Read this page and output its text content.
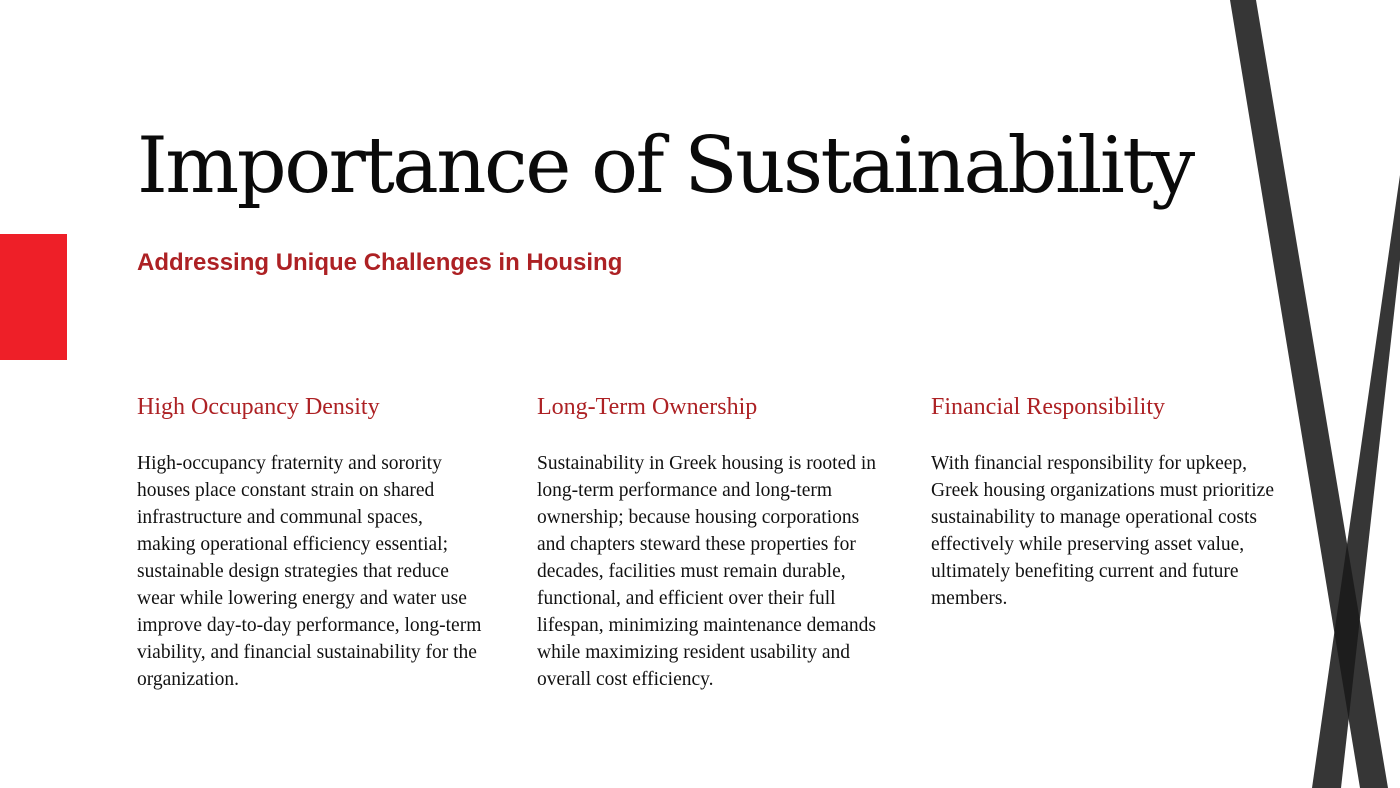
Importance of Sustainability
Addressing Unique Challenges in Housing
High Occupancy Density

High-occupancy fraternity and sorority houses place constant strain on shared infrastructure and communal spaces, making operational efficiency essential; sustainable design strategies that reduce wear while lowering energy and water use improve day-to-day performance, long-term viability, and financial sustainability for the organization.

Long-Term Ownership

Sustainability in Greek housing is rooted in long-term performance and long-term ownership; because housing corporations and chapters steward these properties for decades, facilities must remain durable, functional, and efficient over their full lifespan, minimizing maintenance demands while maximizing resident usability and overall cost efficiency.

Financial Responsibility

With financial responsibility for upkeep, Greek housing organizations must prioritize sustainability to manage operational costs effectively while preserving asset value, ultimately benefiting current and future members.
